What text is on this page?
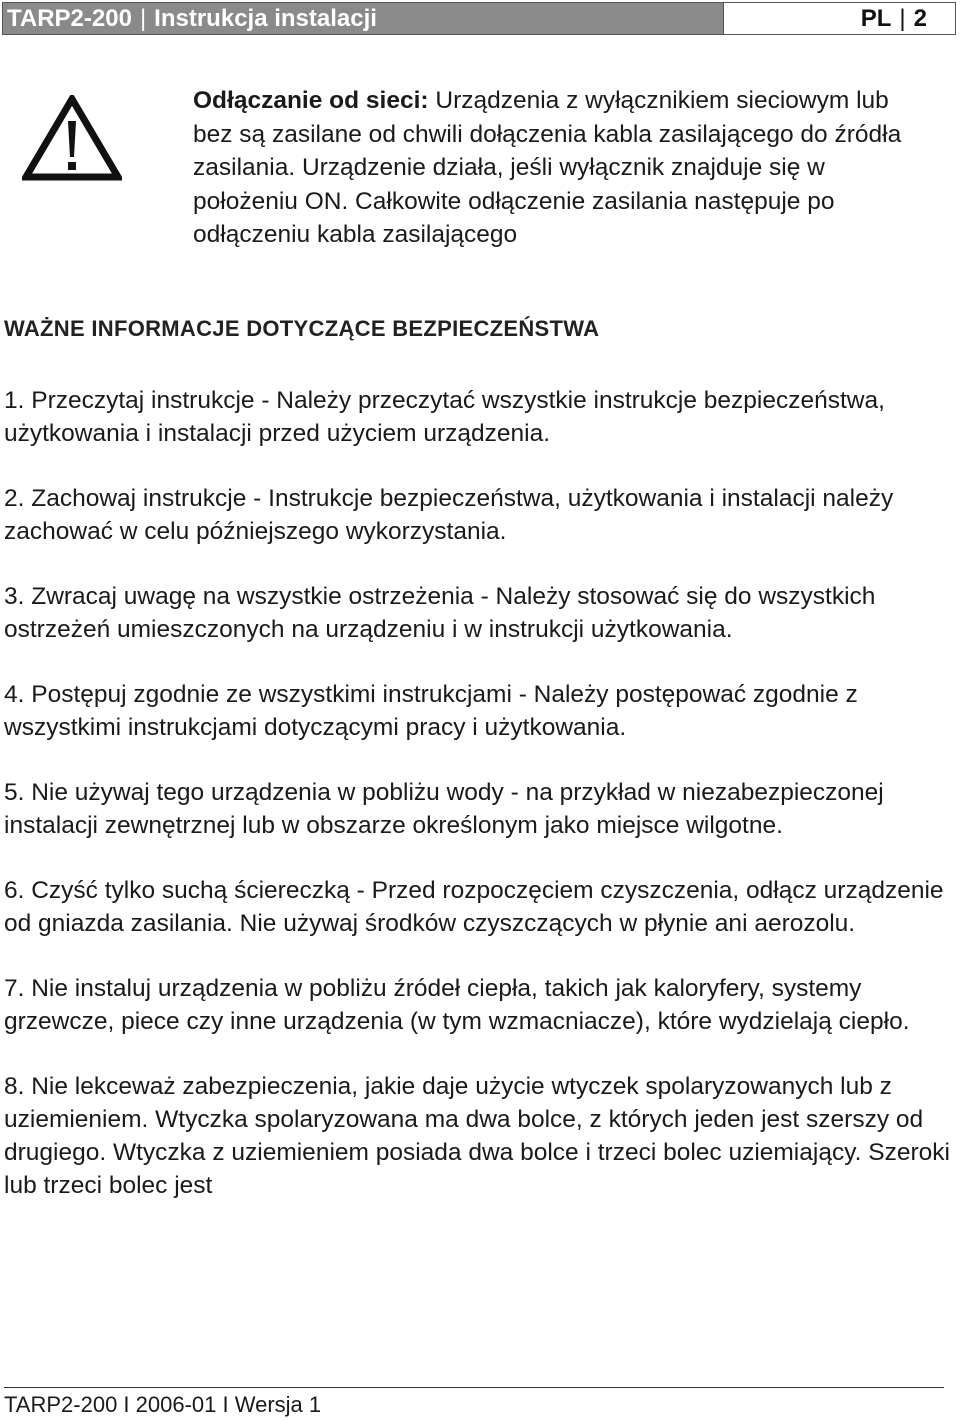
TARP2-200 | Instrukcja instalacji	PL | 2
Odłączanie od sieci: Urządzenia z wyłącznikiem sieciowym lub bez są zasilane od chwili dołączenia kabla zasilającego do źródła zasilania. Urządzenie działa, jeśli wyłącznik znajduje się w położeniu ON. Całkowite odłączenie zasilania następuje po odłączeniu kabla zasilającego
WAŻNE INFORMACJE DOTYCZĄCE BEZPIECZEŃSTWA

1. Przeczytaj instrukcje - Należy przeczytać wszystkie instrukcje bezpieczeństwa, użytkowania i instalacji przed użyciem urządzenia.

2. Zachowaj instrukcje - Instrukcje bezpieczeństwa, użytkowania i instalacji należy zachować w celu późniejszego wykorzystania.

3. Zwracaj uwagę na wszystkie ostrzeżenia - Należy stosować się do wszystkich ostrzeżeń umieszczonych na urządzeniu i w instrukcji użytkowania.

4. Postępuj zgodnie ze wszystkimi instrukcjami - Należy postępować zgodnie z wszystkimi instrukcjami dotyczącymi pracy i użytkowania.

5. Nie używaj tego urządzenia w pobliżu wody - na przykład w niezabezpieczonej instalacji zewnętrznej lub w obszarze określonym jako miejsce wilgotne.

6. Czyść tylko suchą ściereczką - Przed rozpoczęciem czyszczenia, odłącz urządzenie od gniazda zasilania. Nie używaj środków czyszczących w płynie ani aerozolu.

7. Nie instaluj urządzenia w pobliżu źródeł ciepła, takich jak kaloryfery, systemy grzewcze, piece czy inne urządzenia (w tym wzmacniacze), które wydzielają ciepło.

8. Nie lekceważ zabezpieczenia, jakie daje użycie wtyczek spolaryzowanych lub z uziemieniem. Wtyczka spolaryzowana ma dwa bolce, z których jeden jest szerszy od drugiego. Wtyczka z uziemieniem posiada dwa bolce i trzeci bolec uziemiający. Szeroki lub trzeci bolec jest

TARP2-200 I 2006-01 I Wersja 1
